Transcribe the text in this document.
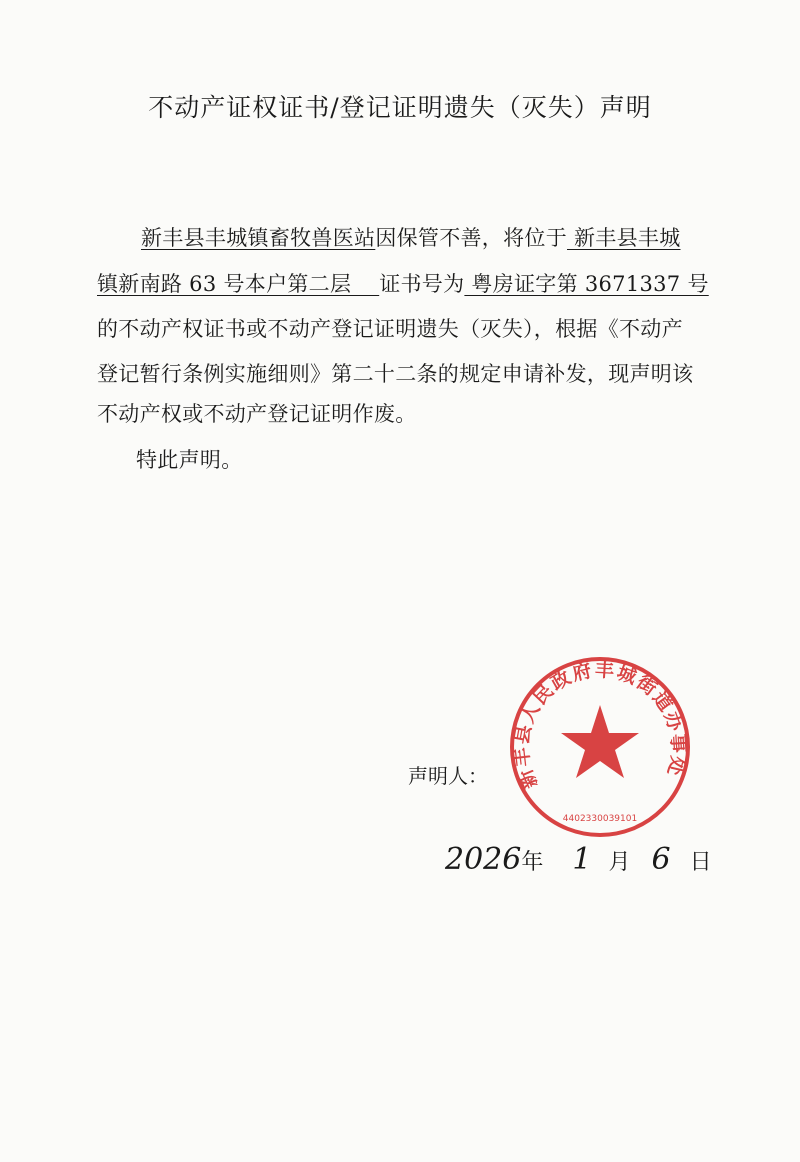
不动产证权证书/登记证明遗失（灭失）声明
新丰县丰城镇畜牧兽医站因保管不善，将位于 新丰县丰城
镇新南路 63 号本户第二层    证书号为 粤房证字第 3671337 号
的不动产权证书或不动产登记证明遗失（灭失），根据《不动产
登记暂行条例实施细则》第二十二条的规定申请补发，现声明该
不动产权或不动产登记证明作废。
特此声明。
声明人： 新丰县人民政府丰城街道办事处
4402330039101
2026年 1 月 6 日
